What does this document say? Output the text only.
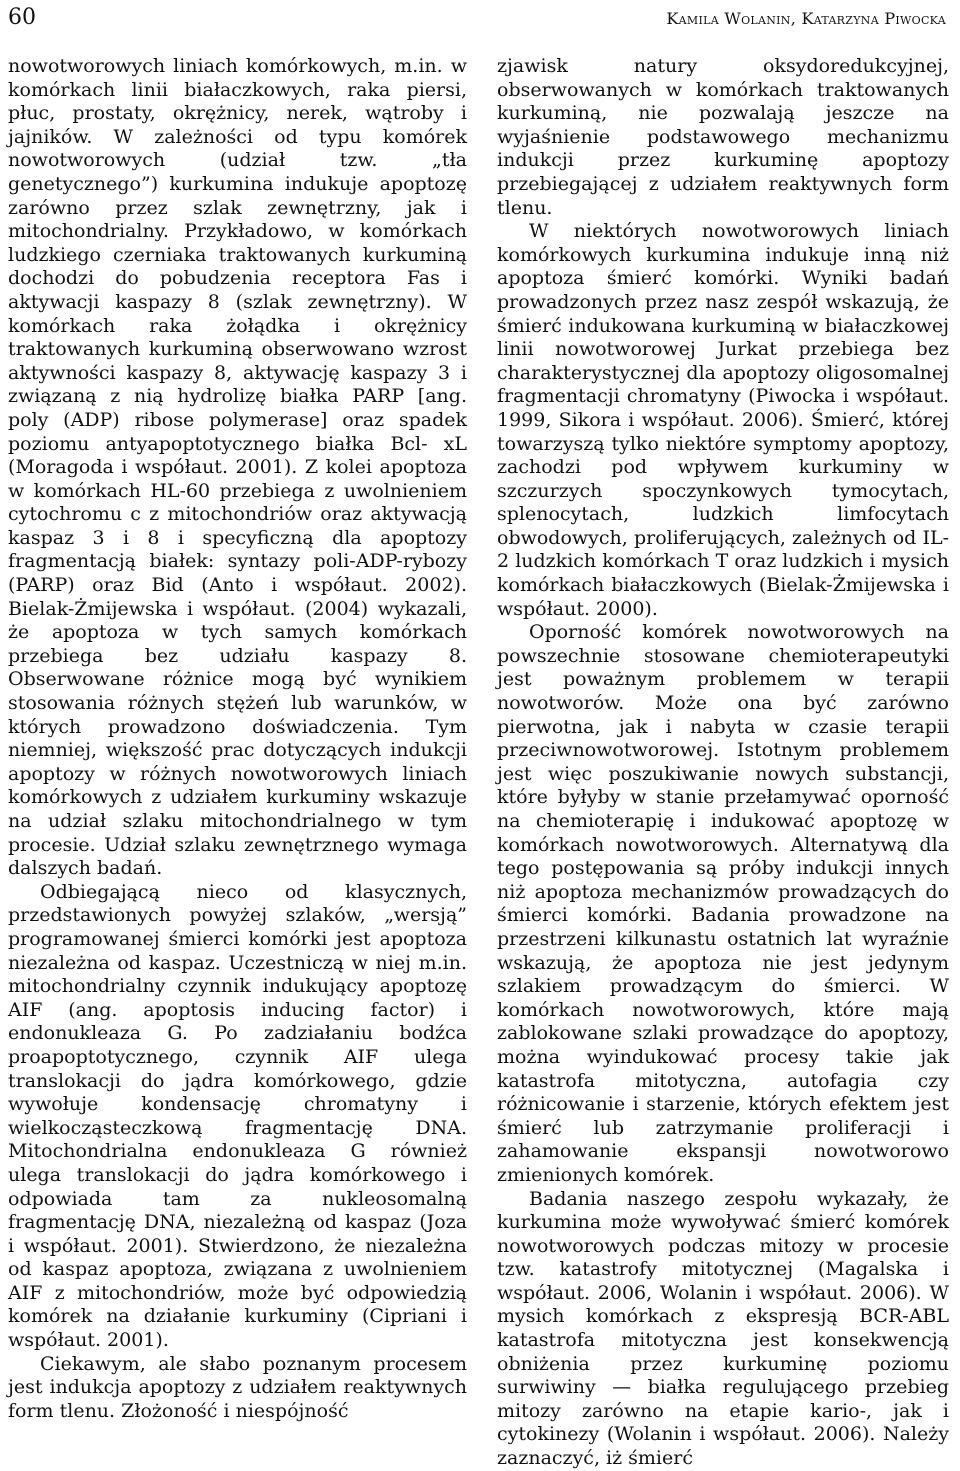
60	Kamila Wolanin, Katarzyna Piwocka

nowotworowych liniach komórkowych, m.in. w komórkach linii białaczkowych, raka piersi, płuc, prostaty, okrężnicy, nerek, wątroby i jajników. W zależności od typu komórek nowotworowych (udział tzw. „tła genetycznego”) kurkumina indukuje apoptozę zarówno przez szlak zewnętrzny, jak i mitochondrialny. Przykładowo, w komórkach ludzkiego czerniaka traktowanych kurkuminą dochodzi do pobudzenia receptora Fas i aktywacji kaspazy 8 (szlak zewnętrzny). W komórkach raka żołądka i okrężnicy traktowanych kurkuminą obserwowano wzrost aktywności kaspazy 8, aktywację kaspazy 3 i związaną z nią hydrolizę białka PARP [ang. poly (ADP) ribose polymerase] oraz spadek poziomu antyapoptotycznego białka Bcl- xL (Moragoda i współaut. 2001). Z kolei apoptoza w komórkach HL-60 przebiega z uwolnieniem cytochromu c z mitochondriów oraz aktywacją kaspaz 3 i 8 i specyficzną dla apoptozy fragmentacją białek: syntazy poli-ADP-rybozy (PARP) oraz Bid (Anto i współaut. 2002). Bielak-Żmijewska i współaut. (2004) wykazali, że apoptoza w tych samych komórkach przebiega bez udziału kaspazy 8. Obserwowane różnice mogą być wynikiem stosowania różnych stężeń lub warunków, w których prowadzono doświadczenia. Tym niemniej, większość prac dotyczących indukcji apoptozy w różnych nowotworowych liniach komórkowych z udziałem kurkuminy wskazuje na udział szlaku mitochondrialnego w tym procesie. Udział szlaku zewnętrznego wymaga dalszych badań.

Odbiegającą nieco od klasycznych, przedstawionych powyżej szlaków, „wersją” programowanej śmierci komórki jest apoptoza niezależna od kaspaz. Uczestniczą w niej m.in. mitochondrialny czynnik indukujący apoptozę AIF (ang. apoptosis inducing factor) i endonukleaza G. Po zadziałaniu bodźca proapoptotycznego, czynnik AIF ulega translokacji do jądra komórkowego, gdzie wywołuje kondensację chromatyny i wielkocząsteczkową fragmentację DNA. Mitochondrialna endonukleaza G również ulega translokacji do jądra komórkowego i odpowiada tam za nukleosomalną fragmentację DNA, niezależną od kaspaz (Joza i współaut. 2001). Stwierdzono, że niezależna od kaspaz apoptoza, związana z uwolnieniem AIF z mitochondriów, może być odpowiedzią komórek na działanie kurkuminy (Cipriani i współaut. 2001).

Ciekawym, ale słabo poznanym procesem jest indukcja apoptozy z udziałem reaktywnych form tlenu. Złożoność i niespójność

zjawisk natury oksydoredukcyjnej, obserwowanych w komórkach traktowanych kurkuminą, nie pozwalają jeszcze na wyjaśnienie podstawowego mechanizmu indukcji przez kurkuminę apoptozy przebiegającej z udziałem reaktywnych form tlenu.

W niektórych nowotworowych liniach komórkowych kurkumina indukuje inną niż apoptoza śmierć komórki. Wyniki badań prowadzonych przez nasz zespół wskazują, że śmierć indukowana kurkuminą w białaczkowej linii nowotworowej Jurkat przebiega bez charakterystycznej dla apoptozy oligosomalnej fragmentacji chromatyny (Piwocka i współaut. 1999, Sikora i współaut. 2006). Śmierć, której towarzyszą tylko niektóre symptomy apoptozy, zachodzi pod wpływem kurkuminy w szczurzych spoczynkowych tymocytach, splenocytach, ludzkich limfocytach obwodowych, proliferujących, zależnych od IL-2 ludzkich komórkach T oraz ludzkich i mysich komórkach białaczkowych (Bielak-Żmijewska i współaut. 2000).

Oporność komórek nowotworowych na powszechnie stosowane chemioterapeutyki jest poważnym problemem w terapii nowotworów. Może ona być zarówno pierwotna, jak i nabyta w czasie terapii przeciwnowotworowej. Istotnym problemem jest więc poszukiwanie nowych substancji, które byłyby w stanie przełamywać oporność na chemioterapię i indukować apoptozę w komórkach nowotworowych. Alternatywą dla tego postępowania są próby indukcji innych niż apoptoza mechanizmów prowadzących do śmierci komórki. Badania prowadzone na przestrzeni kilkunastu ostatnich lat wyraźnie wskazują, że apoptoza nie jest jedynym szlakiem prowadzącym do śmierci. W komórkach nowotworowych, które mają zablokowane szlaki prowadzące do apoptozy, można wyindukować procesy takie jak katastrofa mitotyczna, autofagia czy różnicowanie i starzenie, których efektem jest śmierć lub zatrzymanie proliferacji i zahamowanie ekspansji nowotworowo zmienionych komórek.

Badania naszego zespołu wykazały, że kurkumina może wywoływać śmierć komórek nowotworowych podczas mitozy w procesie tzw. katastrofy mitotycznej (Magalska i współaut. 2006, Wolanin i współaut. 2006). W mysich komórkach z ekspresją BCR-ABL katastrofa mitotyczna jest konsekwencją obniżenia przez kurkuminę poziomu surwiwiny — białka regulującego przebieg mitozy zarówno na etapie kario-, jak i cytokinezy (Wolanin i współaut. 2006). Należy zaznaczyć, iż śmierć
